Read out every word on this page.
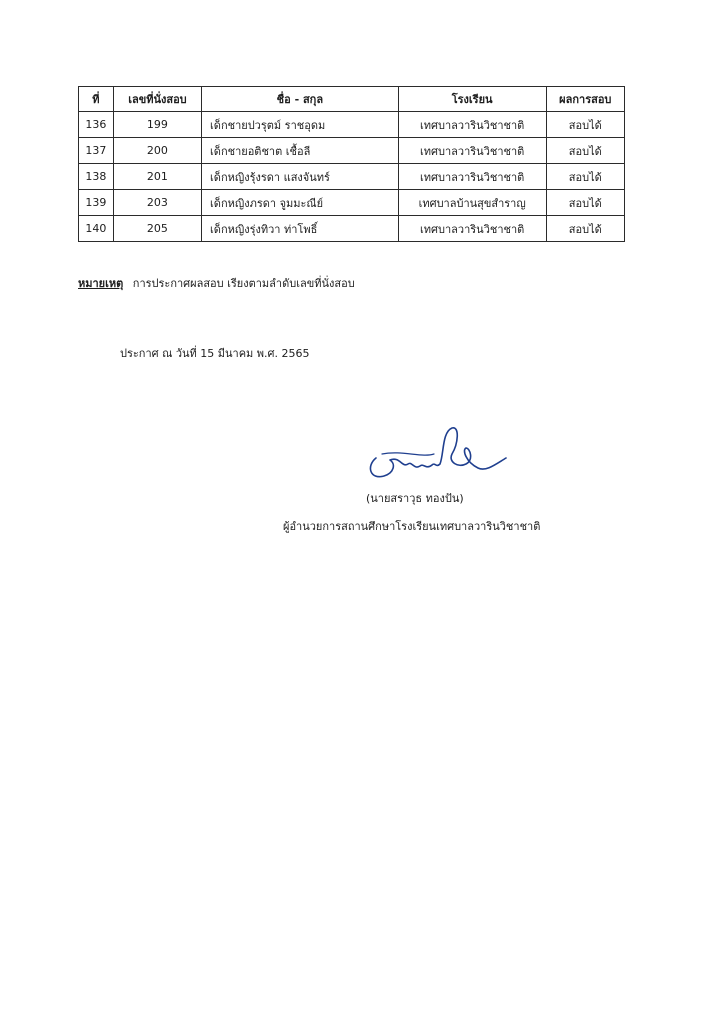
ที่	เลขที่นั่งสอบ	ชื่อ - สกุล	โรงเรียน	ผลการสอบ
136	199	เด็กชายปวรุตม์ ราชอุดม	เทศบาลวารินวิชาชาติ	สอบได้
137	200	เด็กชายอติชาต เชื้อลี	เทศบาลวารินวิชาชาติ	สอบได้
138	201	เด็กหญิงรุ้งรดา แสงจันทร์	เทศบาลวารินวิชาชาติ	สอบได้
139	203	เด็กหญิงภรดา จูมมะณีย์	เทศบาลบ้านสุขสำราญ	สอบได้
140	205	เด็กหญิงรุ่งทิวา ท่าโพธิ์	เทศบาลวารินวิชาชาติ	สอบได้
หมายเหตุ การประกาศผลสอบ เรียงตามลำดับเลขที่นั่งสอบ
ประกาศ ณ วันที่ 15 มีนาคม พ.ศ. 2565
(นายสราวุธ ทองปัน)
ผู้อำนวยการสถานศึกษาโรงเรียนเทศบาลวารินวิชาชาติ
